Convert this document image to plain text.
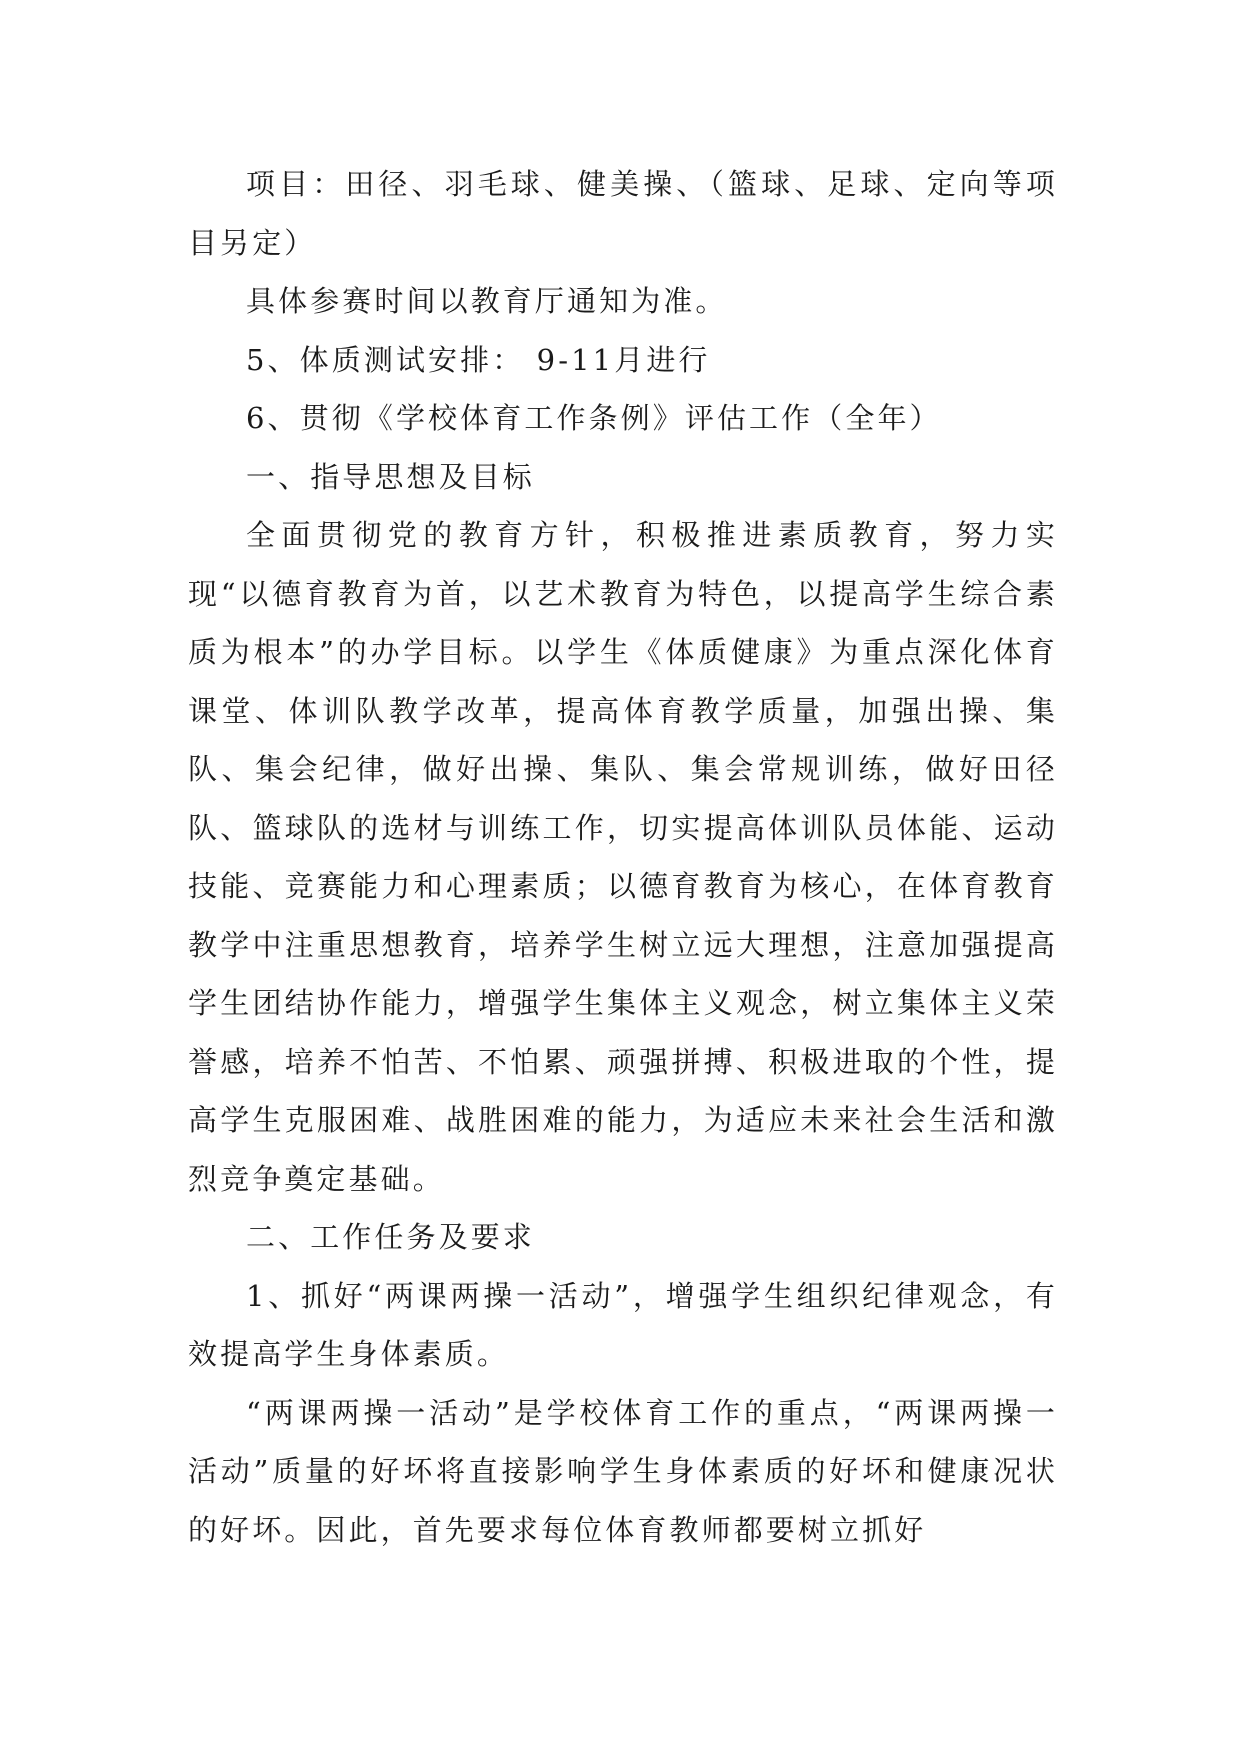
项目：田径、羽毛球、健美操、（篮球、足球、定向等项目另定）

具体参赛时间以教育厅通知为准。

5、体质测试安排： 9-11月进行

6、贯彻《学校体育工作条例》评估工作（全年）

一、指导思想及目标

全面贯彻党的教育方针，积极推进素质教育，努力实现“以德育教育为首，以艺术教育为特色，以提高学生综合素质为根本”的办学目标。以学生《体质健康》为重点深化体育课堂、体训队教学改革，提高体育教学质量，加强出操、集队、集会纪律，做好出操、集队、集会常规训练，做好田径队、篮球队的选材与训练工作，切实提高体训队员体能、运动技能、竞赛能力和心理素质；以德育教育为核心，在体育教育教学中注重思想教育，培养学生树立远大理想，注意加强提高学生团结协作能力，增强学生集体主义观念，树立集体主义荣誉感，培养不怕苦、不怕累、顽强拼搏、积极进取的个性，提高学生克服困难、战胜困难的能力，为适应未来社会生活和激烈竞争奠定基础。

二、工作任务及要求

1、抓好“两课两操一活动”，增强学生组织纪律观念，有效提高学生身体素质。

“两课两操一活动”是学校体育工作的重点，“两课两操一活动”质量的好坏将直接影响学生身体素质的好坏和健康况状的好坏。因此，首先要求每位体育教师都要树立抓好
